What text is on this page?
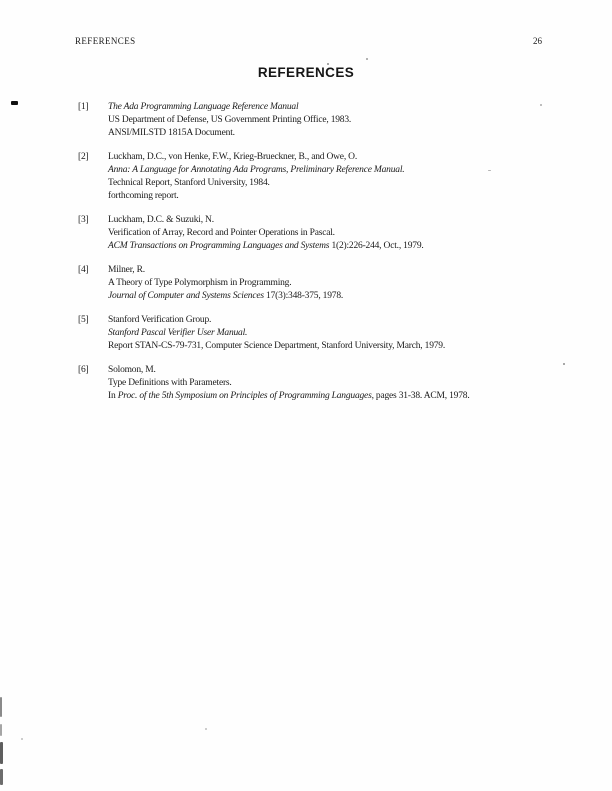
REFERENCES	26
REFERENCES
[1]	The Ada Programming Language Reference Manual
US Department of Defense, US Government Printing Office, 1983.
ANSI/MILSTD 1815A Document.
[2]	Luckham, D.C., von Henke, F.W., Krieg-Brueckner, B., and Owe, O.
Anna: A Language for Annotating Ada Programs, Preliminary Reference Manual.
Technical Report, Stanford University, 1984.
forthcoming report.
[3]	Luckham, D.C. & Suzuki, N.
Verification of Array, Record and Pointer Operations in Pascal.
ACM Transactions on Programming Languages and Systems 1(2):226-244, Oct., 1979.
[4]	Milner, R.
A Theory of Type Polymorphism in Programming.
Journal of Computer and Systems Sciences 17(3):348-375, 1978.
[5]	Stanford Verification Group.
Stanford Pascal Verifier User Manual.
Report STAN-CS-79-731, Computer Science Department, Stanford University, March, 1979.
[6]	Solomon, M.
Type Definitions with Parameters.
In Proc. of the 5th Symposium on Principles of Programming Languages, pages 31-38. ACM, 1978.
